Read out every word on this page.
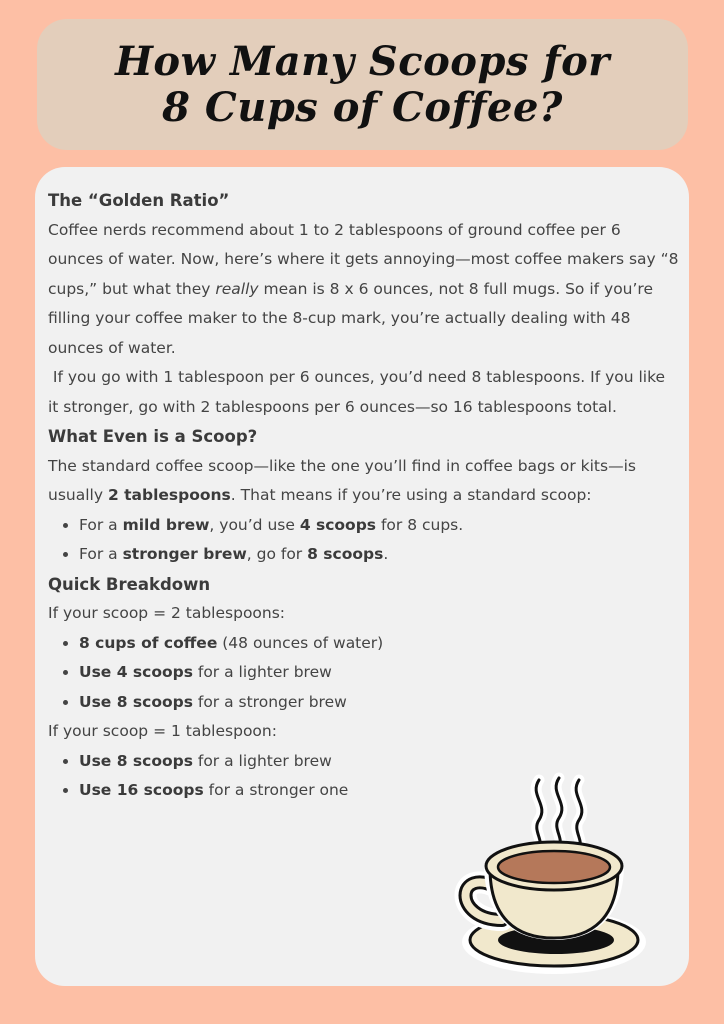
How Many Scoops for
8 Cups of Coffee?
The “Golden Ratio”

Coffee nerds recommend about 1 to 2 tablespoons of ground coffee per 6 ounces of water. Now, here’s where it gets annoying—most coffee makers say “8 cups,” but what they really mean is 8 x 6 ounces, not 8 full mugs. So if you’re filling your coffee maker to the 8-cup mark, you’re actually dealing with 48 ounces of water.

If you go with 1 tablespoon per 6 ounces, you’d need 8 tablespoons. If you like it stronger, go with 2 tablespoons per 6 ounces—so 16 tablespoons total.

What Even is a Scoop?

The standard coffee scoop—like the one you’ll find in coffee bags or kits—is usually 2 tablespoons. That means if you’re using a standard scoop:

• For a mild brew, you’d use 4 scoops for 8 cups.
• For a stronger brew, go for 8 scoops.
Quick Breakdown

If your scoop = 2 tablespoons:

• 8 cups of coffee (48 ounces of water)
• Use 4 scoops for a lighter brew
• Use 8 scoops for a stronger brew

If your scoop = 1 tablespoon:

• Use 8 scoops for a lighter brew
• Use 16 scoops for a stronger one
